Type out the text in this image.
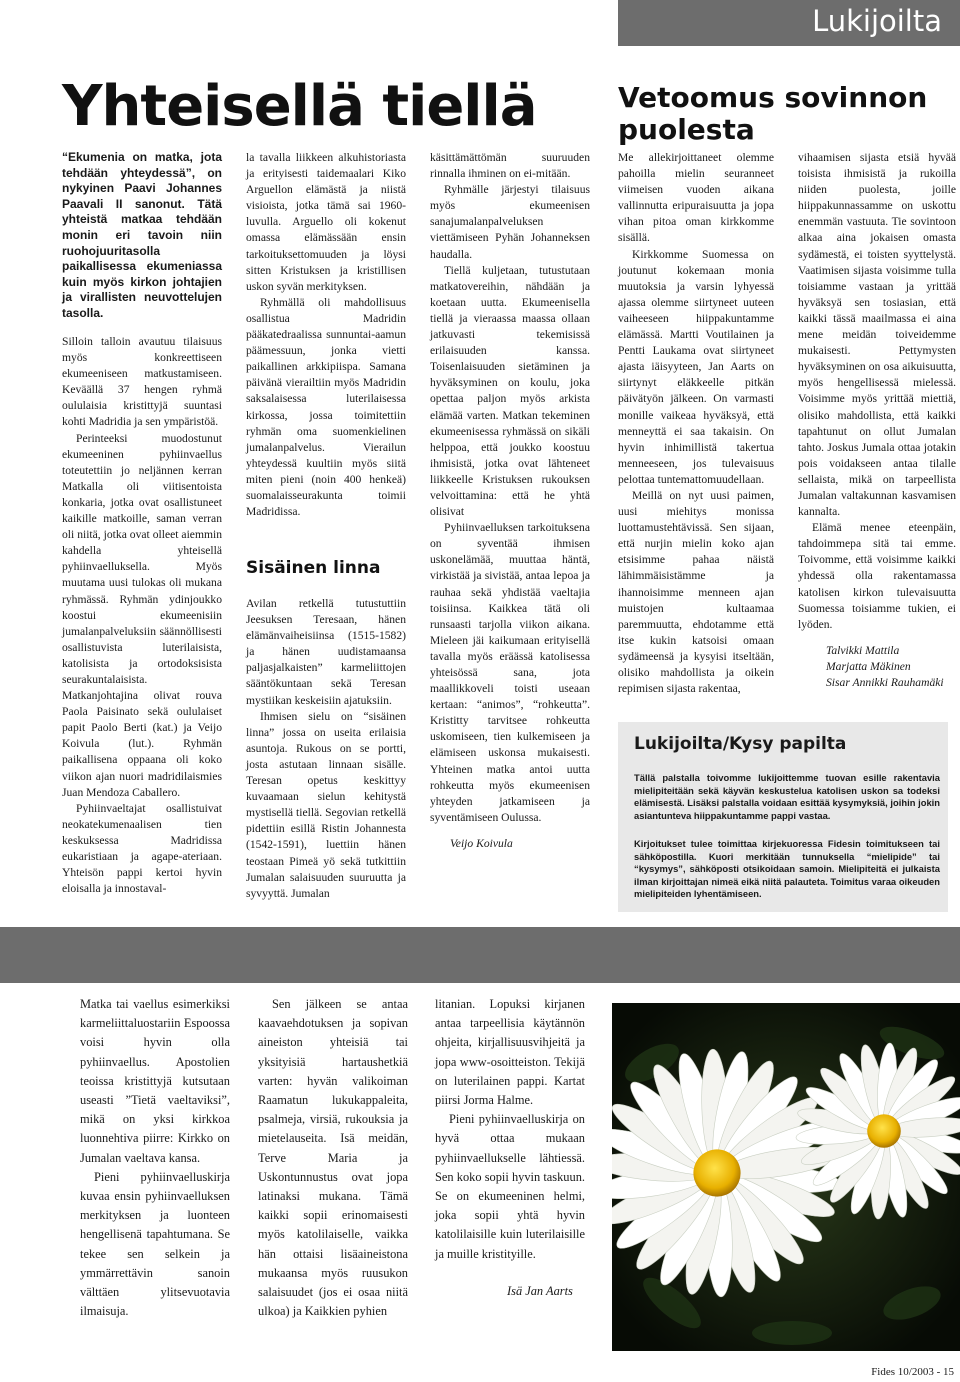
Lukijoilta
Yhteisellä tiellä	Vetoomus sovinnon puolesta
“Ekumenia on matka, jota tehdään yhteydessä”, on nykyinen Paavi Johannes Paavali II sanonut. Tätä yhteistä matkaa tehdään monin eri tavoin niin ruohojuuritasolla paikallisessa ekumeniassa kuin myös kirkon johtajien ja virallisten neuvottelujen tasolla.

Silloin talloin avautuu tilaisuus myös konkreettiseen ekumeeniseen matkustamiseen. Keväällä 37 hengen ryhmä oululaisia kristittyjä suuntasi kohti Madridia ja sen ympäristöä.

Perinteeksi muodostunut ekumeeninen pyhiinvaellus toteutettiin jo neljännen kerran Matkalla oli viitisentoista konkaria, jotka ovat osallistuneet kaikille matkoille, saman verran oli niitä, jotka ovat olleet aiemmin kahdella yhteisellä pyhiinvaelluksella. Myös muutama uusi tulokas oli mukana ryhmässä. Ryhmän ydinjoukko koostui ekumeenisiin jumalanpalveluksiin säännöllisesti osallistuvista luterilaisista, katolisista ja ortodoksisista seurakuntalaisista. Matkanjohtajina olivat rouva Paola Paisinato sekä oululaiset papit Paolo Berti (kat.) ja Veijo Koivula (lut.). Ryhmän paikallisena oppaana oli koko viikon ajan nuori madridilaismies Juan Mendoza Caballero.

Pyhiinvaeltajat osallistuivat neokatekumenaalisen tien keskuksessa Madridissa eukaristiaan ja agape-ateriaan. Yhteisön pappi kertoi hyvin eloisalla ja innostaval-

la tavalla liikkeen alkuhistoriasta ja erityisesti taidemaalari Kiko Arguellon elämästä ja niistä visioista, jotka tämä sai 1960-luvulla. Arguello oli kokenut omassa elämässään ensin tarkoituksettomuuden ja löysi sitten Kristuksen ja kristillisen uskon syvän merkityksen.

Ryhmällä oli mahdollisuus osallistua Madridin pääkatedraalissa sunnuntai-aamun päämessuun, jonka vietti paikallinen arkkipiispa. Samana päivänä vierailtiin myös Madridin saksalaisessa luterilaisessa kirkossa, jossa toimitettiin ryhmän oma suomenkielinen jumalanpalvelus. Vierailun yhteydessä kuultiin myös siitä miten pieni (noin 400 henkeä) suomalaisseurakunta toimii Madridissa.

Sisäinen linna

Avilan retkellä tutustuttiin Jeesuksen Teresaan, hänen elämänvaiheisiinsa (1515-1582) ja hänen uudistamaansa paljasjalkaisten” karmeliittojen sääntökuntaan sekä Teresan mystiikan keskeisiin ajatuksiin.

Ihmisen sielu on “sisäinen linna” jossa on useita erilaisia asuntoja. Rukous on se portti, josta astutaan linnaan sisälle. Teresan opetus keskittyy kuvaamaan sielun kehitystä mystisellä tiellä. Segovian retkellä pidettiin esillä Ristin Johannesta (1542-1591), luettiin hänen teostaan Pimeä yö sekä tutkittiin Jumalan salaisuuden suuruutta ja syvyyttä. Jumalan

käsittämättömän suuruuden rinnalla ihminen on ei-mitään.

Ryhmälle järjestyi tilaisuus myös ekumeenisen sanajumalanpalveluksen viettämiseen Pyhän Johanneksen haudalla.

Tiellä kuljetaan, tutustutaan matkatovereihin, nähdään ja koetaan uutta. Ekumeenisella tiellä ja vieraassa maassa ollaan jatkuvasti tekemisissä erilaisuuden kanssa. Toisenlaisuuden sietäminen ja hyväksyminen on koulu, joka opettaa paljon myös arkista elämää varten. Matkan tekeminen ekumeenisessa ryhmässä on sikäli helppoa, että joukko koostuu ihmisistä, jotka ovat lähteneet liikkeelle Kristuksen rukouksen velvoittamina: että he yhtä olisivat

Pyhiinvaelluksen tarkoituksena on syventää ihmisen uskonelämää, muuttaa häntä, virkistää ja sivistää, antaa lepoa ja rauhaa sekä yhdistää vaeltajia toisiinsa. Kaikkea tätä oli runsaasti tarjolla viikon aikana. Mieleen jäi kaikumaan erityisellä tavalla myös eräässä katolisessa yhteisössä sana, jota maallikkoveli toisti useaan kertaan: “animos”, “rohkeutta”. Kristitty tarvitsee rohkeutta uskomiseen, tien kulkemiseen ja elämiseen uskonsa mukaisesti. Yhteinen matka antoi uutta rohkeutta myös ekumeenisen yhteyden jatkamiseen ja syventämiseen Oulussa.

Veijo Koivula

Me allekirjoittaneet olemme pahoilla mielin seuranneet viimeisen vuoden aikana vallinnutta eripuraisuutta ja jopa vihan pitoa oman kirkkomme sisällä.

Kirkkomme Suomessa on joutunut kokemaan monia muutoksia ja varsin lyhyessä ajassa olemme siirtyneet uuteen vaiheeseen hiippakuntamme elämässä. Martti Voutilainen ja Pentti Laukama ovat siirtyneet ajasta iäisyyteen, Jan Aarts on siirtynyt eläkkeelle pitkän päivätyön jälkeen. On varmasti monille vaikeaa hyväksyä, että menneyttä ei saa takaisin. On hyvin inhimillistä takertua menneeseen, jos tulevaisuus pelottaa tuntemattomuudellaan.

Meillä on nyt uusi paimen, uusi miehitys monissa luottamustehtävissä. Sen sijaan, että nurjin mielin koko ajan etsisimme pahaa näistä lähimmäisistämme ja ihannoisimme menneen ajan muistojen kultaamaa paremmuutta, ehdotamme että itse kukin katsoisi omaan sydämeensä ja kysyisi itseltään, olisiko mahdollista ja oikein repimisen sijasta rakentaa,

vihaamisen sijasta etsiä hyvää toisista ihmisistä ja rukoilla niiden puolesta, joille hiippakunnassamme on uskottu enemmän vastuuta. Tie sovintoon alkaa aina jokaisen omasta sydämestä, ei toisten syyttelystä. Vaatimisen sijasta voisimme tulla toisiamme vastaan ja yrittää hyväksyä sen tosiasian, että kaikki tässä maailmassa ei aina mene meidän toiveidemme mukaisesti. Pettymysten hyväksyminen on osa aikuisuutta, myös hengellisessä mielessä. Voisimme myös yrittää miettiä, olisiko mahdollista, että kaikki tapahtunut on ollut Jumalan tahto. Joskus Jumala ottaa jotakin pois voidakseen antaa tilalle sellaista, mikä on tarpeellista Jumalan valtakunnan kasvamisen kannalta.

Elämä menee eteenpäin, tahdoimmepa sitä tai emme. Toivomme, että voisimme kaikki yhdessä olla rakentamassa katolisen kirkon tulevaisuutta Suomessa toisiamme tukien, ei lyöden.

Talvikki Mattila
Marjatta Mäkinen
Sisar Annikki Rauhamäki
Lukijoilta/Kysy papilta

Tällä palstalla toivomme lukijoittemme tuovan esille rakentavia mielipiteitään sekä käyvän keskustelua katolisen uskon sa todeksi elämisestä. Lisäksi palstalla voidaan esittää kysymyksiä, joihin jokin asiantunteva hiippakuntamme pappi vastaa.

Kirjoitukset tulee toimittaa kirjekuoressa Fidesin toimitukseen tai sähköpostilla. Kuori merkitään tunnuksella “mielipide” tai “kysymys”, sähköposti otsikoidaan samoin. Mielipiteitä ei julkaista ilman kirjoittajan nimeä eikä niitä palauteta. Toimitus varaa oikeuden mielipiteiden lyhentämiseen.

Matka tai vaellus esimerkiksi karmeliittaluostariin Espoossa voisi hyvin olla pyhiinvaellus. Apostolien teoissa kristittyjä kutsutaan useasti ”Tietä vaeltaviksi”, mikä on yksi kirkkoa luonnehtiva piirre: Kirkko on Jumalan vaeltava kansa.

Pieni pyhiinvaelluskirja kuvaa ensin pyhiinvaelluksen merkityksen ja luonteen hengellisenä tapahtumana. Se tekee sen selkein ja ymmärrettävin sanoin välttäen ylitsevuotavia ilmaisuja.

Sen jälkeen se antaa kaavaehdotuksen ja sopivan aineiston yhteisiä tai yksityisiä hartaushetkiä varten: hyvän valikoiman Raamatun lukukappaleita, psalmeja, virsiä, rukouksia ja mietelauseita. Isä meidän, Terve Maria ja Uskontunnustus ovat jopa latinaksi mukana. Tämä kaikki sopii erinomaisesti myös katolilaiselle, vaikka hän ottaisi lisäaineistona mukaansa myös ruusukon salaisuudet (jos ei osaa niitä ulkoa) ja Kaikkien pyhien

litanian. Lopuksi kirjanen antaa tarpeellisia käytännön ohjeita, kirjallisuusvihjeitä ja jopa www-osoitteiston. Tekijä on luterilainen pappi. Kartat piirsi Jorma Halme.

Pieni pyhiinvaelluskirja on hyvä ottaa mukaan pyhiinvaellukselle lähtiessä. Sen koko sopii hyvin taskuun. Se on ekumeeninen helmi, joka sopii yhtä hyvin katolilaisille kuin luterilaisille ja muille kristityille.

Isä Jan Aarts

Fides 10/2003 - 15
